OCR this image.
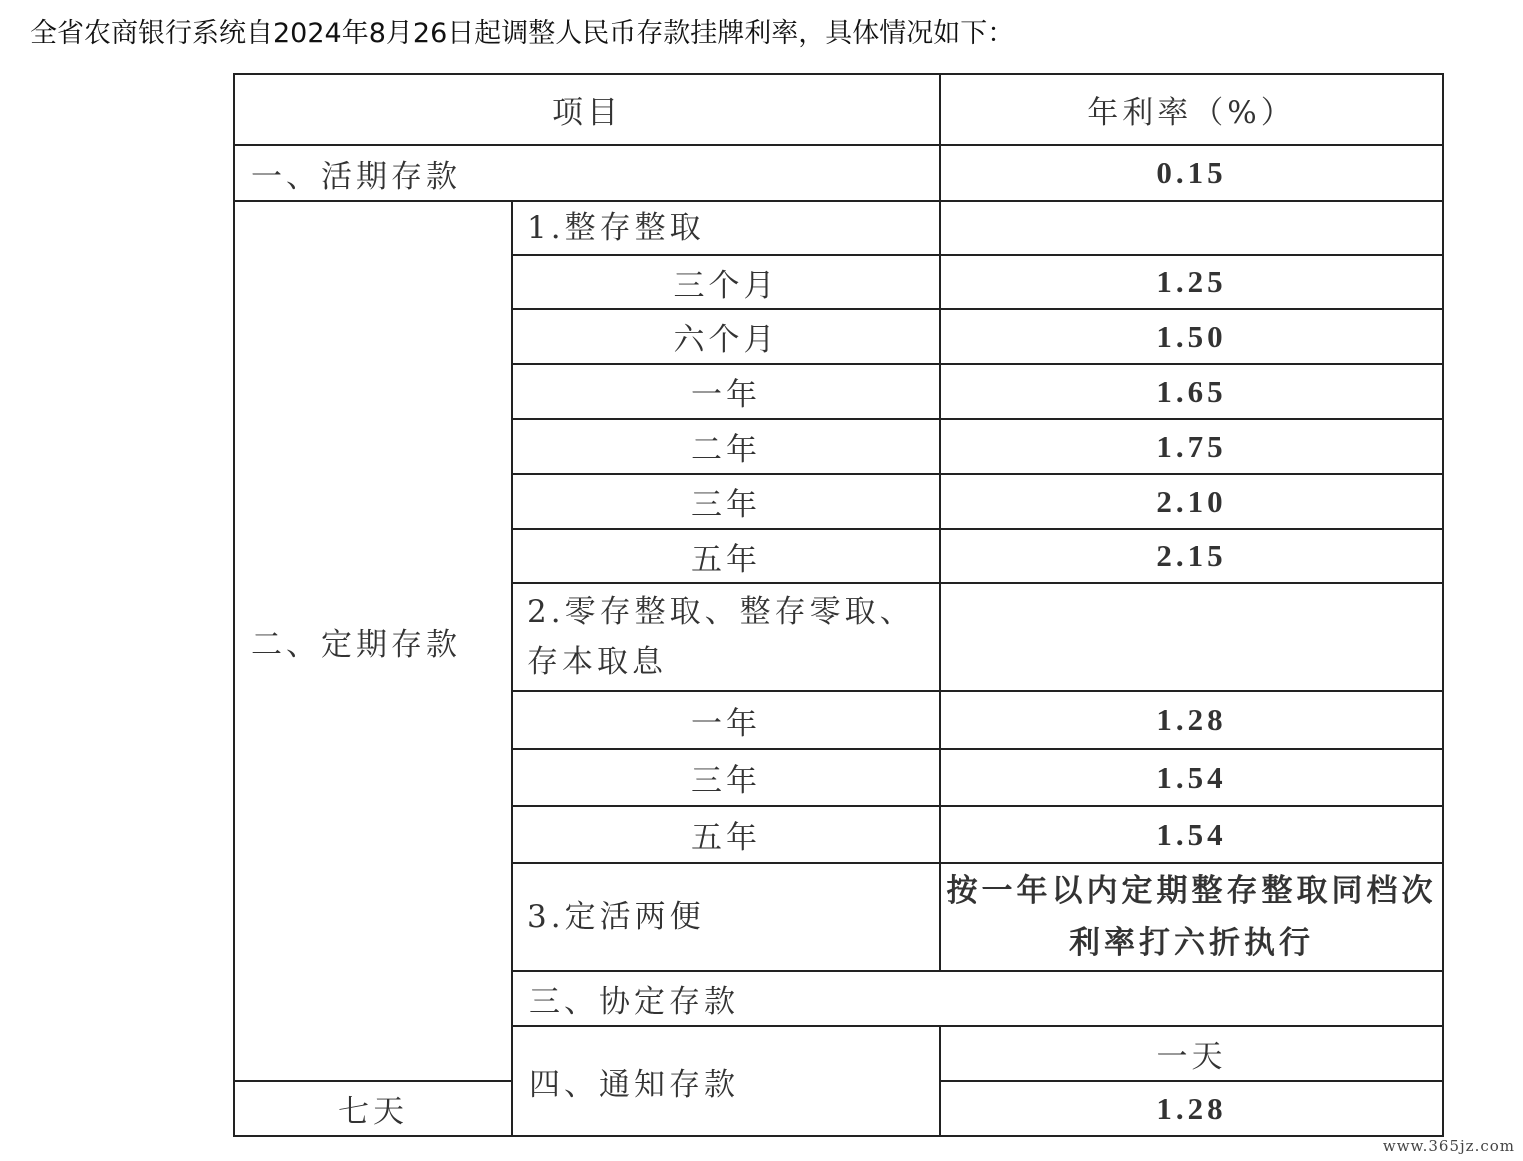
全省农商银行系统自2024年8月26日起调整人民币存款挂牌利率，具体情况如下：
项目		年利率（%）	
一、活期存款		0.15	
二、定期存款	1.整存整取		
	三个月	1.25	
	六个月	1.50	
	一年	1.65	
	二年	1.75	
	三年	2.10	
	五年	2.15	
	2.零存整取、整存零取、存本取息		
	一年	1.28	
	三年	1.54	
	五年	1.54	
	3.定活两便	按一年以内定期整存整取同档次利率打六折执行	
	三、协定存款	
	四、通知存款	一天	
七天		1.28	
www.365jz.com
